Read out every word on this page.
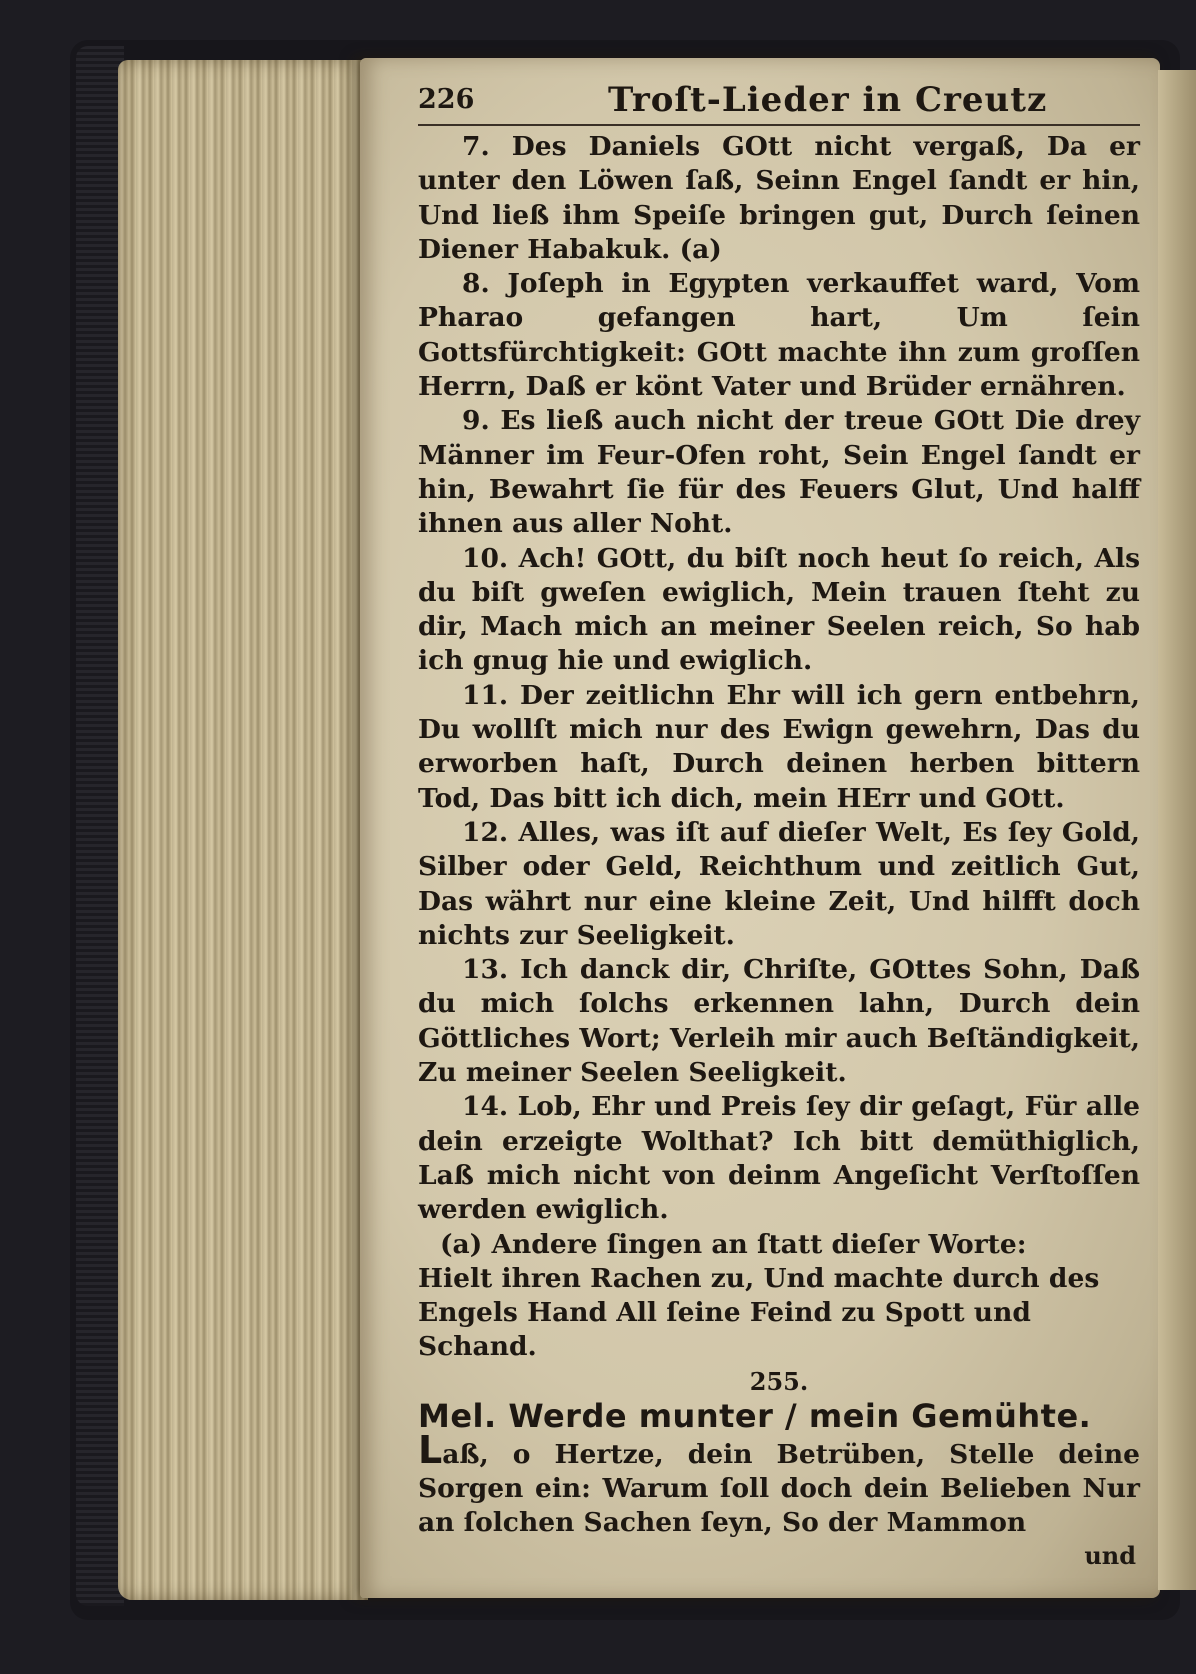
226	Troſt-Lieder in Creutz

7. Des Daniels GOtt nicht vergaß, Da er unter den Löwen ſaß, Seinn Engel ſandt er hin, Und ließ ihm Speiſe bringen gut, Durch ſeinen Diener Habakuk. (a)

8. Joſeph in Egypten verkauffet ward, Vom Pharao gefangen hart, Um ſein Gottsfürchtigkeit: GOtt machte ihn zum groſſen Herrn, Daß er könt Vater und Brüder ernähren.

9. Es ließ auch nicht der treue GOtt Die drey Männer im Feur-Ofen roht, Sein Engel ſandt er hin, Bewahrt ſie für des Feuers Glut, Und halff ihnen aus aller Noht.

10. Ach! GOtt, du biſt noch heut ſo reich, Als du biſt gweſen ewiglich, Mein trauen ſteht zu dir, Mach mich an meiner Seelen reich, So hab ich gnug hie und ewiglich.

11. Der zeitlichn Ehr will ich gern entbehrn, Du wollſt mich nur des Ewign gewehrn, Das du erworben haſt, Durch deinen herben bittern Tod, Das bitt ich dich, mein HErr und GOtt.

12. Alles, was iſt auf dieſer Welt, Es ſey Gold, Silber oder Geld, Reichthum und zeitlich Gut, Das währt nur eine kleine Zeit, Und hilfft doch nichts zur Seeligkeit.

13. Ich danck dir, Chriſte, GOttes Sohn, Daß du mich ſolchs erkennen lahn, Durch dein Göttliches Wort; Verleih mir auch Beſtändigkeit, Zu meiner Seelen Seeligkeit.

14. Lob, Ehr und Preis ſey dir geſagt, Für alle dein erzeigte Wolthat? Ich bitt demüthiglich, Laß mich nicht von deinm Angeſicht Verſtoſſen werden ewiglich.

(a) Andere ſingen an ſtatt dieſer Worte:

Hielt ihren Rachen zu, Und machte durch des Engels Hand All ſeine Feind zu Spott und Schand.

255.

Mel. Werde munter / mein Gemühte.

Laß, o Hertze, dein Betrüben, Stelle deine Sorgen ein: Warum ſoll doch dein Belieben Nur an ſolchen Sachen ſeyn, So der Mammon

und
